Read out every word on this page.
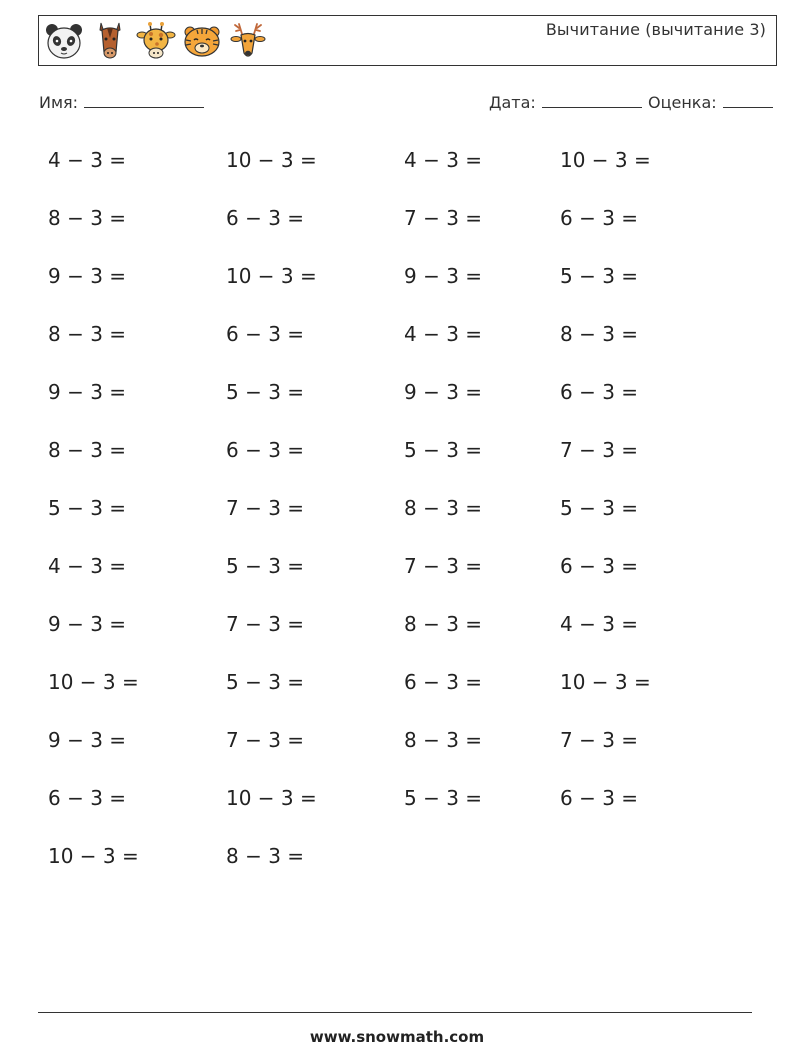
Вычитание (вычитание 3)
Имя:	Дата:	Оценка:
4 − 3 =	10 − 3 =	4 − 3 =	10 − 3 =
8 − 3 =	6 − 3 =	7 − 3 =	6 − 3 =
9 − 3 =	10 − 3 =	9 − 3 =	5 − 3 =
8 − 3 =	6 − 3 =	4 − 3 =	8 − 3 =
9 − 3 =	5 − 3 =	9 − 3 =	6 − 3 =
8 − 3 =	6 − 3 =	5 − 3 =	7 − 3 =
5 − 3 =	7 − 3 =	8 − 3 =	5 − 3 =
4 − 3 =	5 − 3 =	7 − 3 =	6 − 3 =
9 − 3 =	7 − 3 =	8 − 3 =	4 − 3 =
10 − 3 =	5 − 3 =	6 − 3 =	10 − 3 =
9 − 3 =	7 − 3 =	8 − 3 =	7 − 3 =
6 − 3 =	10 − 3 =	5 − 3 =	6 − 3 =
10 − 3 =	8 − 3 =
www.snowmath.com
